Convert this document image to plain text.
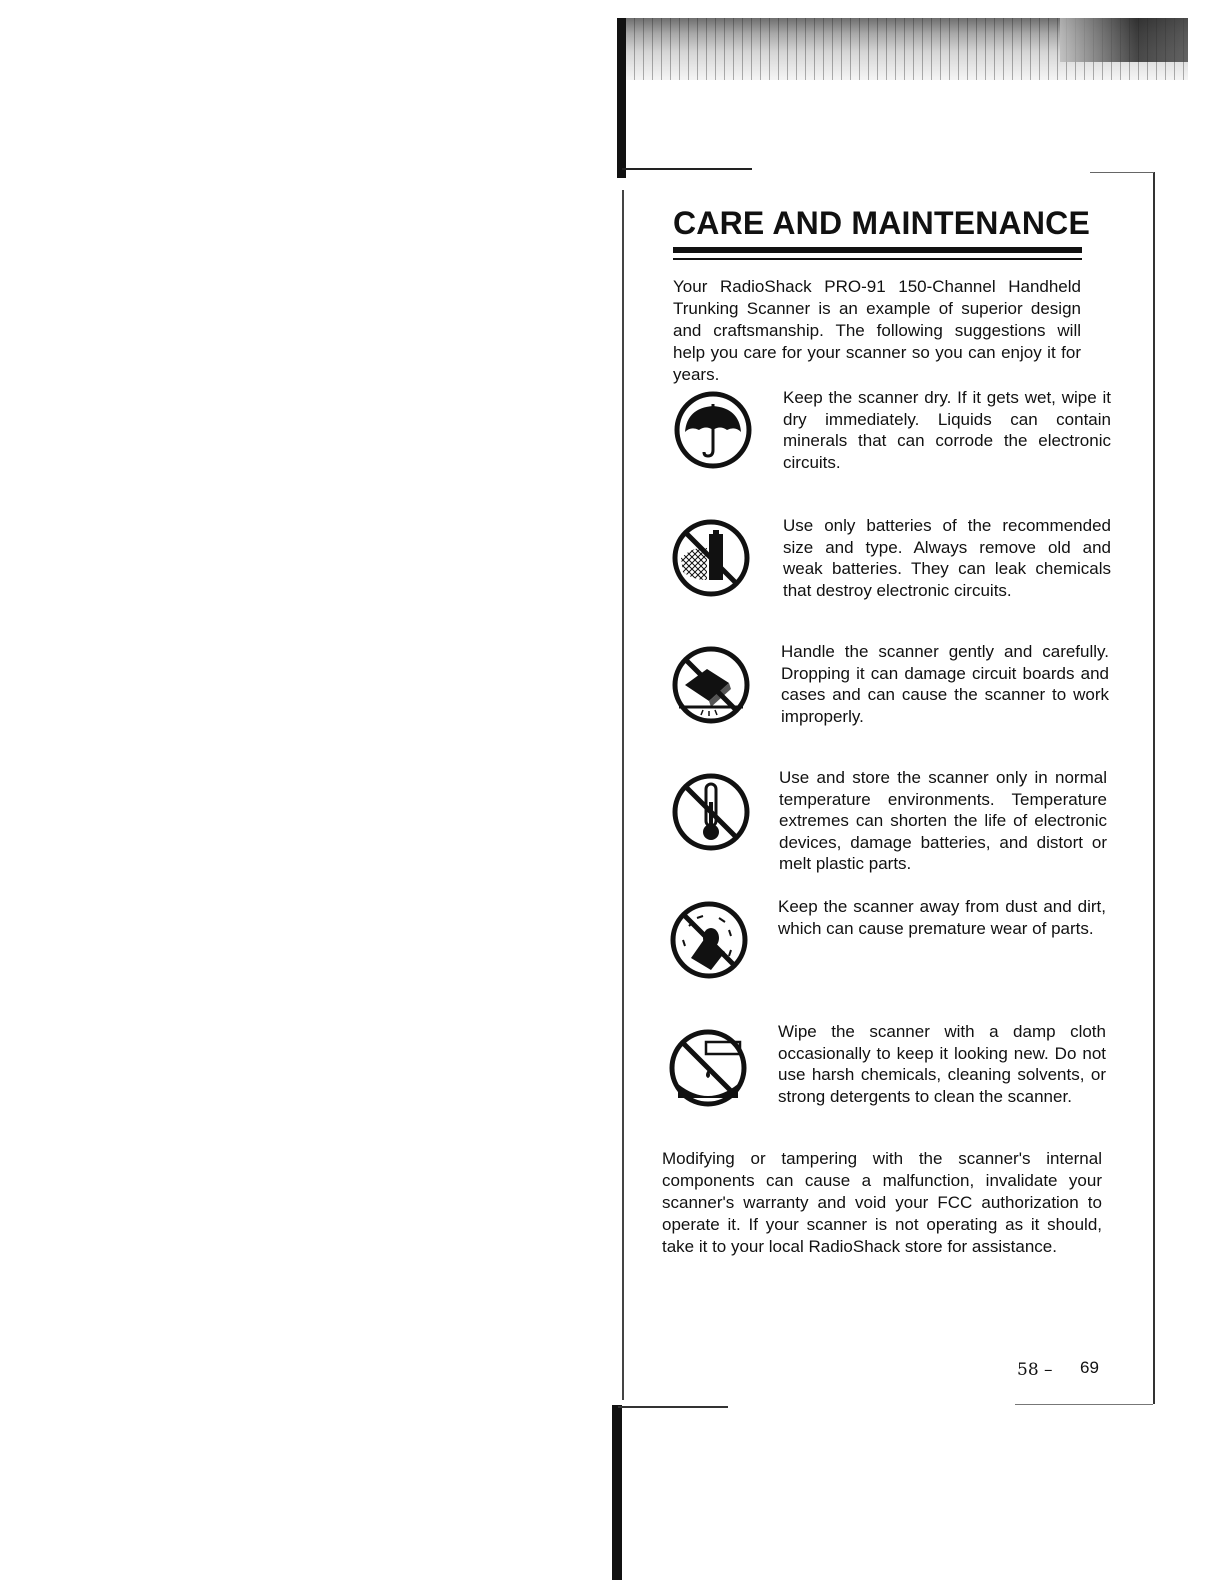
CARE AND MAINTENANCE
Your RadioShack PRO-91 150-Channel Handheld Trunking Scanner is an example of superior design and craftsmanship. The following suggestions will help you care for your scanner so you can enjoy it for years.
Keep the scanner dry. If it gets wet, wipe it dry immediately. Liquids can contain minerals that can corrode the electronic circuits.
Use only batteries of the recommended size and type. Always remove old and weak batteries. They can leak chemicals that destroy electronic circuits.
Handle the scanner gently and carefully. Dropping it can damage circuit boards and cases and can cause the scanner to work improperly.
Use and store the scanner only in normal temperature environments. Temperature extremes can shorten the life of electronic devices, damage batteries, and distort or melt plastic parts.
Keep the scanner away from dust and dirt, which can cause premature wear of parts.
Wipe the scanner with a damp cloth occasionally to keep it looking new. Do not use harsh chemicals, cleaning solvents, or strong detergents to clean the scanner.
Modifying or tampering with the scanner's internal components can cause a malfunction, invalidate your scanner's warranty and void your FCC authorization to operate it. If your scanner is not operating as it should, take it to your local RadioShack store for assistance.
58 – 69
